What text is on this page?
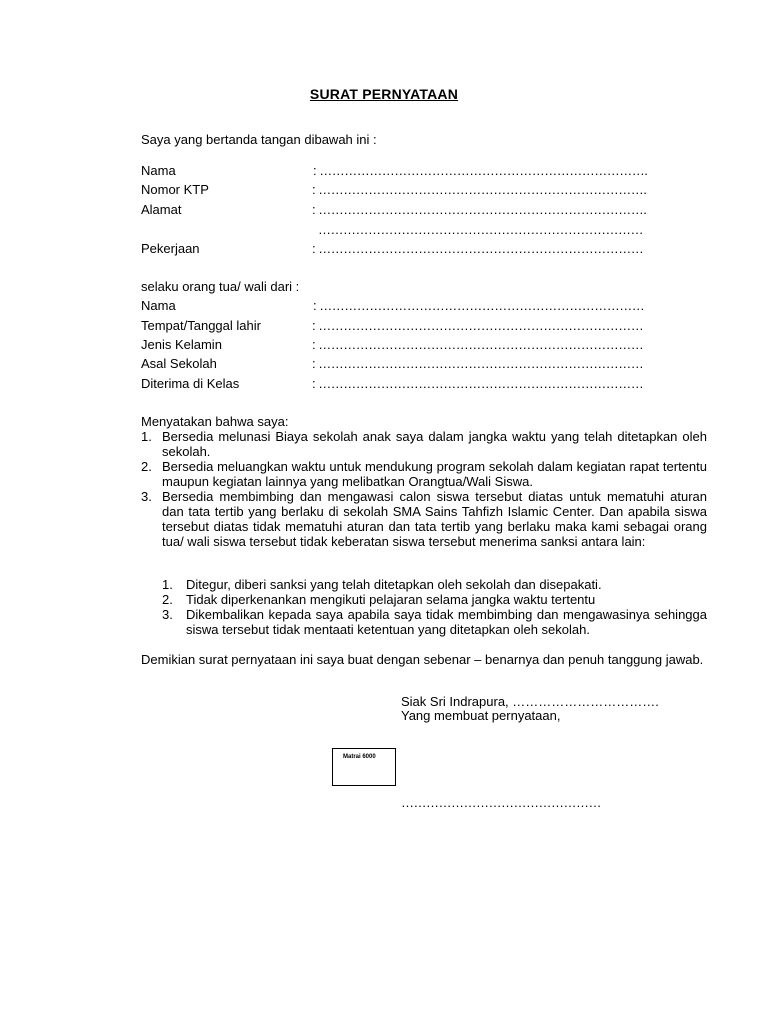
SURAT PERNYATAAN
Saya yang bertanda tangan dibawah ini :
Nama	: …………………………………………………………………….
Nomor KTP	: …………………………………………………………………….
Alamat	: …………………………………………………………………….
……………………………………………………………………
Pekerjaan	: ……………………………………………………………………
selaku orang tua/ wali dari :
Nama	: ……………………………………………………………………
Tempat/Tanggal lahir	: ……………………………………………………………………
Jenis Kelamin	: ……………………………………………………………………
Asal Sekolah	: ……………………………………………………………………
Diterima di Kelas	: ……………………………………………………………………
Menyatakan bahwa saya:

1. Bersedia melunasi Biaya sekolah anak saya dalam jangka waktu yang telah ditetapkan oleh sekolah.

2. Bersedia meluangkan waktu untuk mendukung program sekolah dalam kegiatan rapat tertentu maupun kegiatan lainnya yang melibatkan Orangtua/Wali Siswa.

3. Bersedia membimbing dan mengawasi calon siswa tersebut diatas untuk mematuhi aturan dan tata tertib yang berlaku di sekolah SMA Sains Tahfizh Islamic Center. Dan apabila siswa tersebut diatas tidak mematuhi aturan dan tata tertib yang berlaku maka kami sebagai orang tua/ wali siswa tersebut tidak keberatan siswa tersebut menerima sanksi antara lain:

1. Ditegur, diberi sanksi yang telah ditetapkan oleh sekolah dan disepakati.

2. Tidak diperkenankan mengikuti pelajaran selama jangka waktu tertentu

3. Dikembalikan kepada saya apabila saya tidak membimbing dan mengawasinya sehingga siswa tersebut tidak mentaati ketentuan yang ditetapkan oleh sekolah.

Demikian surat pernyataan ini saya buat dengan sebenar – benarnya dan penuh tanggung jawab.
Siak Sri Indrapura, …………………………….
Yang membuat pernyataan,
Matrai 6000
…………………………………………
